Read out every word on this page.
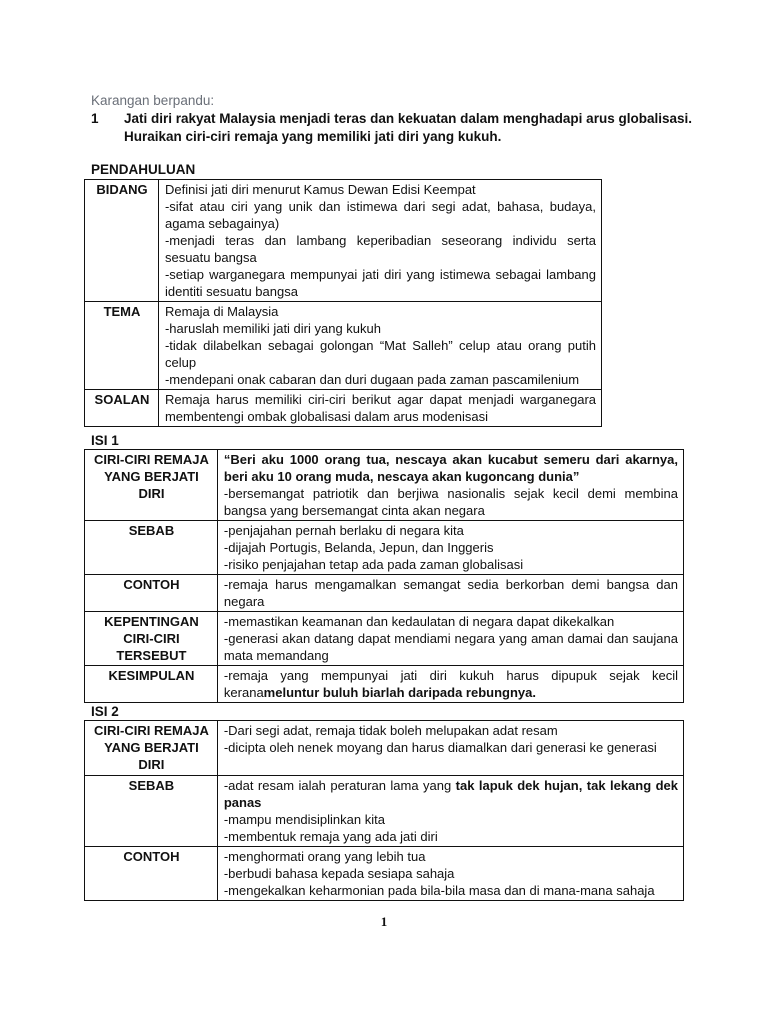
Karangan berpandu:
1 Jati diri rakyat Malaysia menjadi teras dan kekuatan dalam menghadapi arus globalisasi.
Huraikan ciri-ciri remaja yang memiliki jati diri yang kukuh.
PENDAHULUAN
BIDANG	Definisi jati diri menurut Kamus Dewan Edisi Keempat
-sifat atau ciri yang unik dan istimewa dari segi adat, bahasa, budaya, agama sebagainya)
-menjadi teras dan lambang keperibadian seseorang individu serta sesuatu bangsa
-setiap warganegara mempunyai jati diri yang istimewa sebagai lambang identiti sesuatu bangsa

TEMA	Remaja di Malaysia
-haruslah memiliki jati diri yang kukuh
-tidak dilabelkan sebagai golongan “Mat Salleh” celup atau orang putih celup
-mendepani onak cabaran dan duri dugaan pada zaman pascamilenium

SOALAN	Remaja harus memiliki ciri-ciri berikut agar dapat menjadi warganegara membentengi ombak globalisasi dalam arus modenisasi
ISI 1
CIRI-CIRI REMAJA YANG BERJATI DIRI	“Beri aku 1000 orang tua, nescaya akan kucabut semeru dari akarnya, beri aku 10 orang muda, nescaya akan kugoncang dunia”
-bersemangat patriotik dan berjiwa nasionalis sejak kecil demi membina bangsa yang bersemangat cinta akan negara

SEBAB	-penjajahan pernah berlaku di negara kita
-dijajah Portugis, Belanda, Jepun, dan Inggeris
-risiko penjajahan tetap ada pada zaman globalisasi

CONTOH	-remaja harus mengamalkan semangat sedia berkorban demi bangsa dan negara

KEPENTINGAN CIRI-CIRI TERSEBUT	-memastikan keamanan dan kedaulatan di negara dapat dikekalkan
-generasi akan datang dapat mendiami negara yang aman damai dan saujana mata memandang

KESIMPULAN	-remaja yang mempunyai jati diri kukuh harus dipupuk sejak kecil keranameluntur buluh biarlah daripada rebungnya.
ISI 2
CIRI-CIRI REMAJA YANG BERJATI DIRI	-Dari segi adat, remaja tidak boleh melupakan adat resam
-dicipta oleh nenek moyang dan harus diamalkan dari generasi ke generasi

SEBAB	-adat resam ialah peraturan lama yang tak lapuk dek hujan, tak lekang dek panas
-mampu mendisiplinkan kita
-membentuk remaja yang ada jati diri

CONTOH	-menghormati orang yang lebih tua
-berbudi bahasa kepada sesiapa sahaja
-mengekalkan keharmonian pada bila-bila masa dan di mana-mana sahaja
1
